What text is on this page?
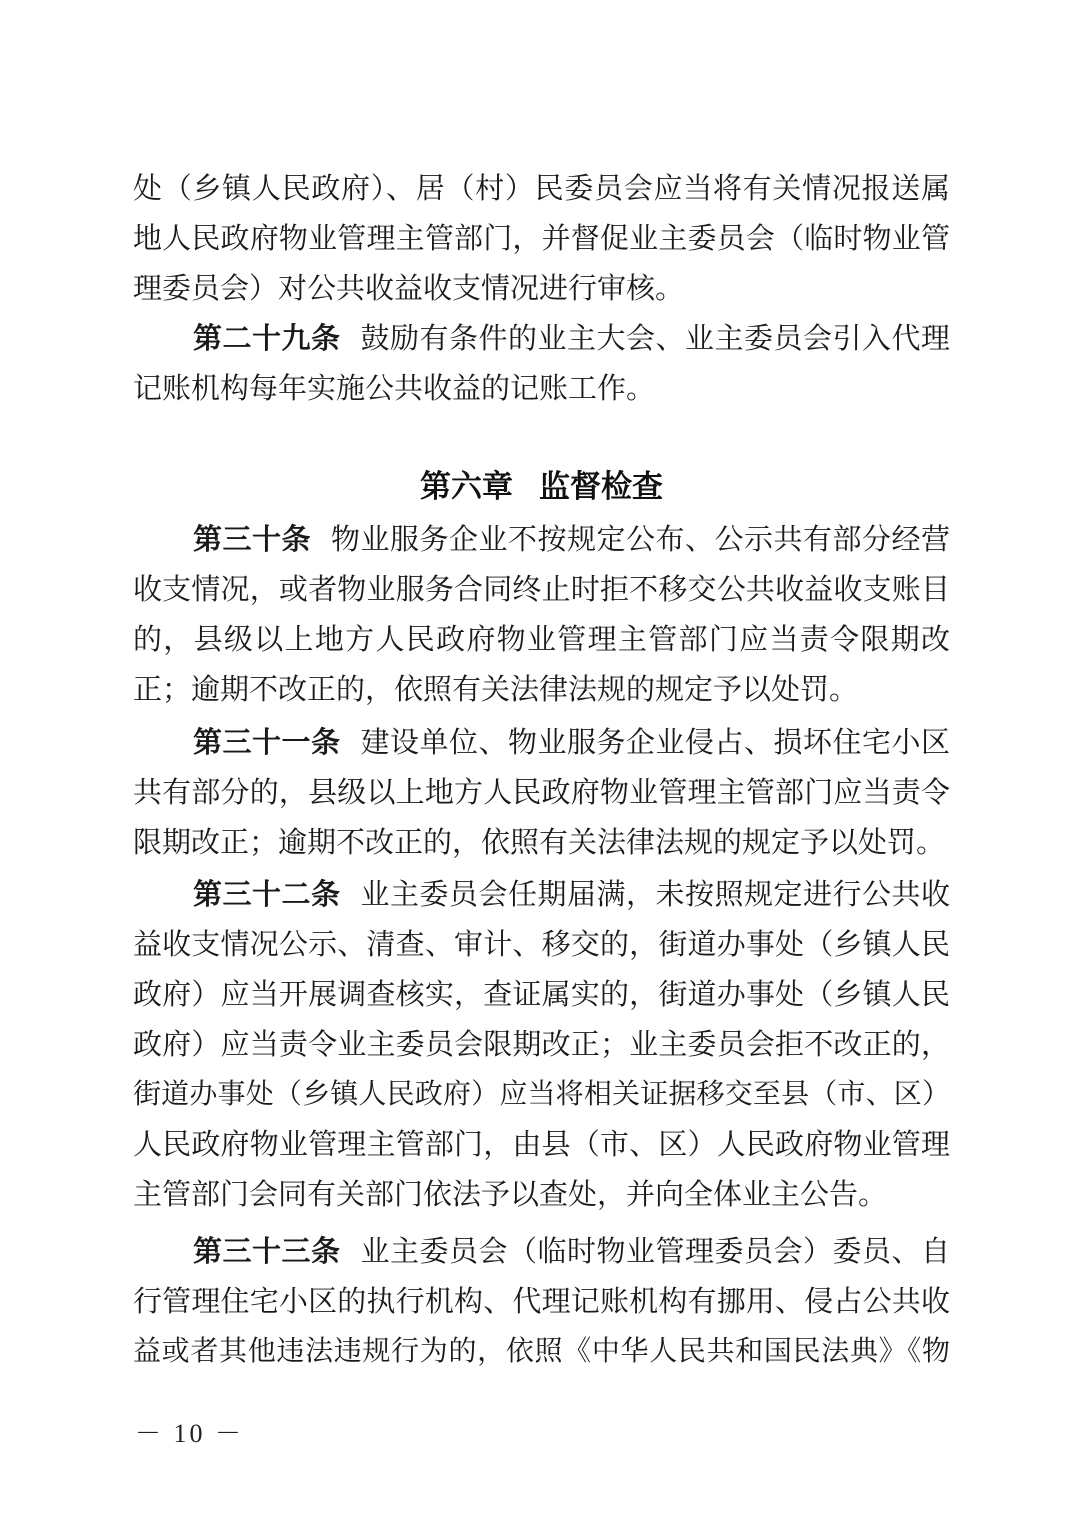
处（乡镇人民政府）、居（村）民委员会应当将有关情况报送属
地人民政府物业管理主管部门，并督促业主委员会（临时物业管
理委员会）对公共收益收支情况进行审核。
第二十九条 鼓励有条件的业主大会、业主委员会引入代理
记账机构每年实施公共收益的记账工作。
第六章 监督检查
第三十条 物业服务企业不按规定公布、公示共有部分经营
收支情况，或者物业服务合同终止时拒不移交公共收益收支账目
的，县级以上地方人民政府物业管理主管部门应当责令限期改
正；逾期不改正的，依照有关法律法规的规定予以处罚。
第三十一条 建设单位、物业服务企业侵占、损坏住宅小区
共有部分的，县级以上地方人民政府物业管理主管部门应当责令
限期改正；逾期不改正的，依照有关法律法规的规定予以处罚。
第三十二条 业主委员会任期届满，未按照规定进行公共收
益收支情况公示、清查、审计、移交的，街道办事处（乡镇人民
政府）应当开展调查核实，查证属实的，街道办事处（乡镇人民
政府）应当责令业主委员会限期改正；业主委员会拒不改正的，
街道办事处（乡镇人民政府）应当将相关证据移交至县（市、区）
人民政府物业管理主管部门，由县（市、区）人民政府物业管理
主管部门会同有关部门依法予以查处，并向全体业主公告。
第三十三条 业主委员会（临时物业管理委员会）委员、自
行管理住宅小区的执行机构、代理记账机构有挪用、侵占公共收
益或者其他违法违规行为的，依照《中华人民共和国民法典》《物
－ 10 －
